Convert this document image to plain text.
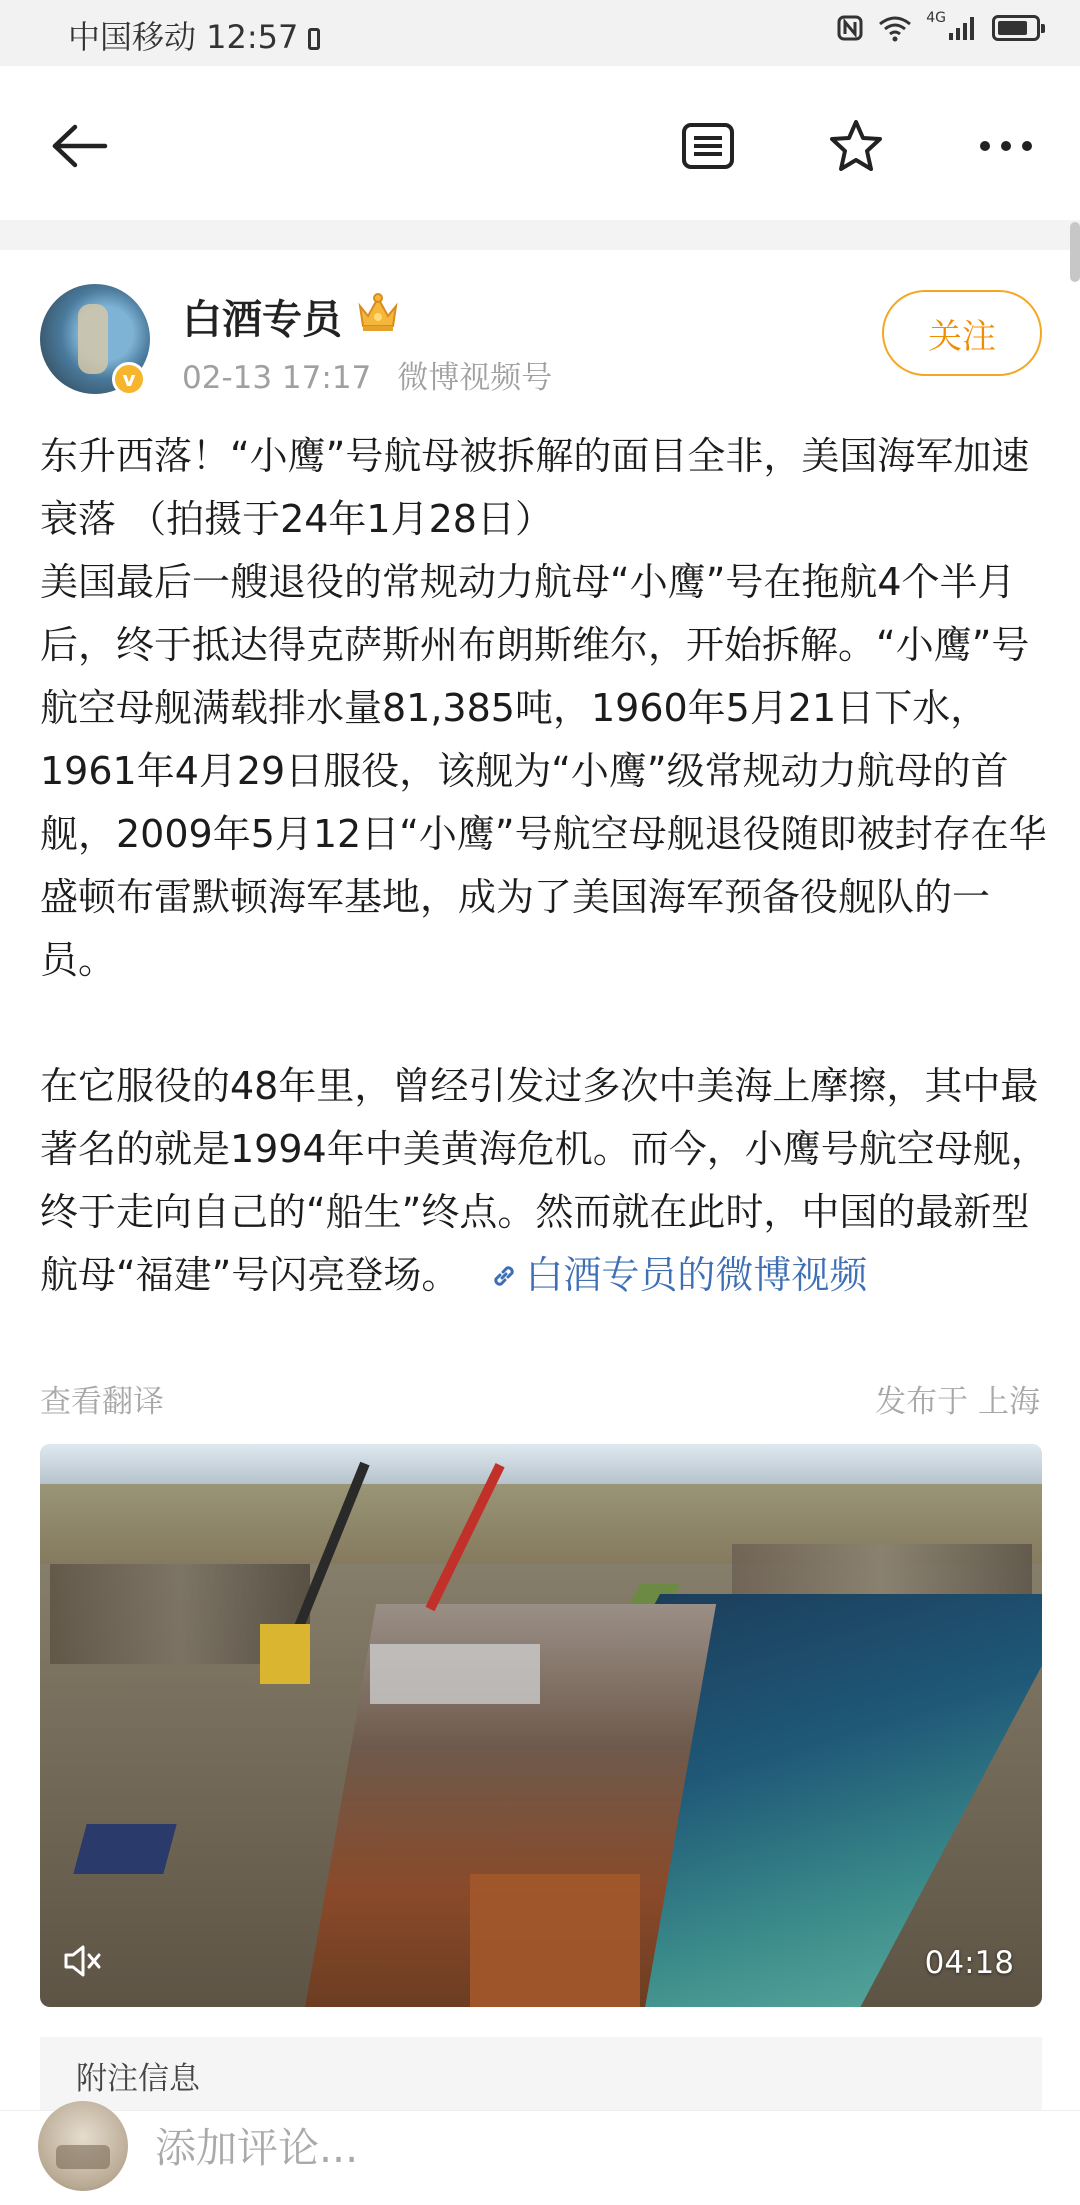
中国移动 12:57	4G
v
白酒专员
02-13 17:17 微博视频号
关注

东升西落！“小鹰”号航母被拆解的面目全非，美国海军加速衰落 （拍摄于24年1月28日）

美国最后一艘退役的常规动力航母“小鹰”号在拖航4个半月后，终于抵达得克萨斯州布朗斯维尔，开始拆解。“小鹰”号航空母舰满载排水量81,385吨，1960年5月21日下水，1961年4月29日服役，该舰为“小鹰”级常规动力航母的首舰，2009年5月12日“小鹰”号航空母舰退役随即被封存在华盛顿布雷默顿海军基地，成为了美国海军预备役舰队的一员。

在它服役的48年里，曾经引发过多次中美海上摩擦，其中最著名的就是1994年中美黄海危机。而今，小鹰号航空母舰，终于走向自己的“船生”终点。然而就在此时，中国的最新型航母“福建”号闪亮登场。 白酒专员的微博视频

查看翻译	发布于 上海
04:18
附注信息
添加评论...
